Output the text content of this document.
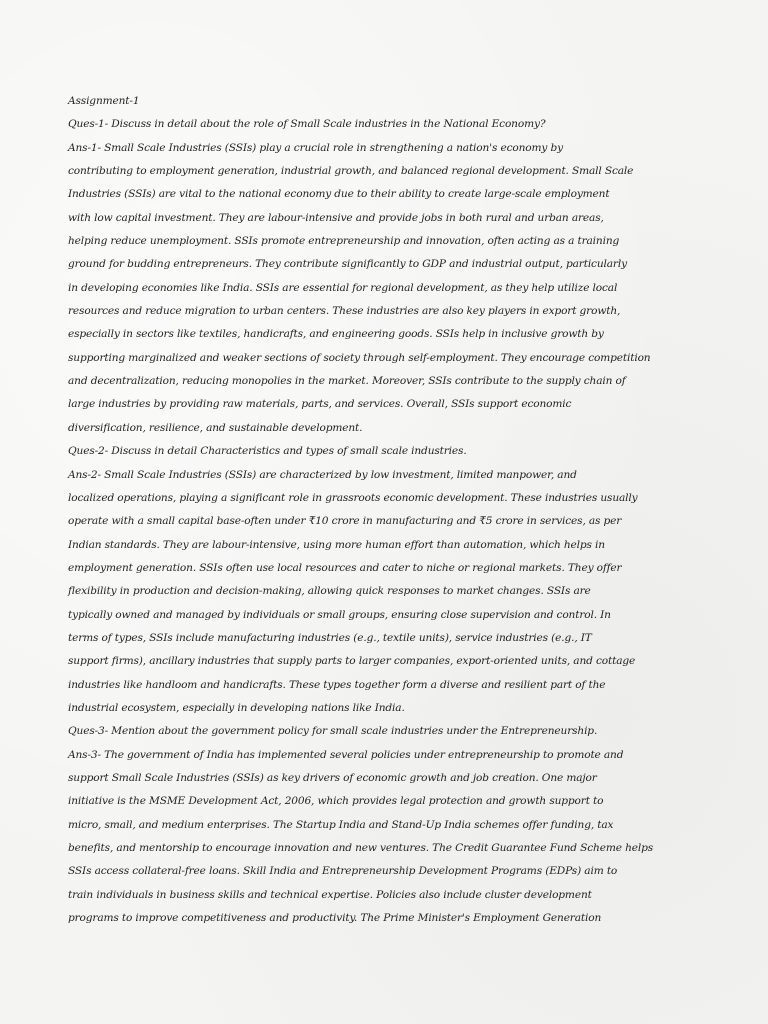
Assignment-1
Ques-1- Discuss in detail about the role of Small Scale industries in the National Economy?
Ans-1- Small Scale Industries (SSIs) play a crucial role in strengthening a nation's economy by
contributing to employment generation, industrial growth, and balanced regional development. Small Scale
Industries (SSIs) are vital to the national economy due to their ability to create large-scale employment
with low capital investment. They are labour-intensive and provide jobs in both rural and urban areas,
helping reduce unemployment. SSIs promote entrepreneurship and innovation, often acting as a training
ground for budding entrepreneurs. They contribute significantly to GDP and industrial output, particularly
in developing economies like India. SSIs are essential for regional development, as they help utilize local
resources and reduce migration to urban centers. These industries are also key players in export growth,
especially in sectors like textiles, handicrafts, and engineering goods. SSIs help in inclusive growth by
supporting marginalized and weaker sections of society through self-employment. They encourage competition
and decentralization, reducing monopolies in the market. Moreover, SSIs contribute to the supply chain of
large industries by providing raw materials, parts, and services. Overall, SSIs support economic
diversification, resilience, and sustainable development.
Ques-2- Discuss in detail Characteristics and types of small scale industries.
Ans-2- Small Scale Industries (SSIs) are characterized by low investment, limited manpower, and
localized operations, playing a significant role in grassroots economic development. These industries usually
operate with a small capital base-often under ₹10 crore in manufacturing and ₹5 crore in services, as per
Indian standards. They are labour-intensive, using more human effort than automation, which helps in
employment generation. SSIs often use local resources and cater to niche or regional markets. They offer
flexibility in production and decision-making, allowing quick responses to market changes. SSIs are
typically owned and managed by individuals or small groups, ensuring close supervision and control. In
terms of types, SSIs include manufacturing industries (e.g., textile units), service industries (e.g., IT
support firms), ancillary industries that supply parts to larger companies, export-oriented units, and cottage
industries like handloom and handicrafts. These types together form a diverse and resilient part of the
industrial ecosystem, especially in developing nations like India.
Ques-3- Mention about the government policy for small scale industries under the Entrepreneurship.
Ans-3- The government of India has implemented several policies under entrepreneurship to promote and
support Small Scale Industries (SSIs) as key drivers of economic growth and job creation. One major
initiative is the MSME Development Act, 2006, which provides legal protection and growth support to
micro, small, and medium enterprises. The Startup India and Stand-Up India schemes offer funding, tax
benefits, and mentorship to encourage innovation and new ventures. The Credit Guarantee Fund Scheme helps
SSIs access collateral-free loans. Skill India and Entrepreneurship Development Programs (EDPs) aim to
train individuals in business skills and technical expertise. Policies also include cluster development
programs to improve competitiveness and productivity. The Prime Minister's Employment Generation
